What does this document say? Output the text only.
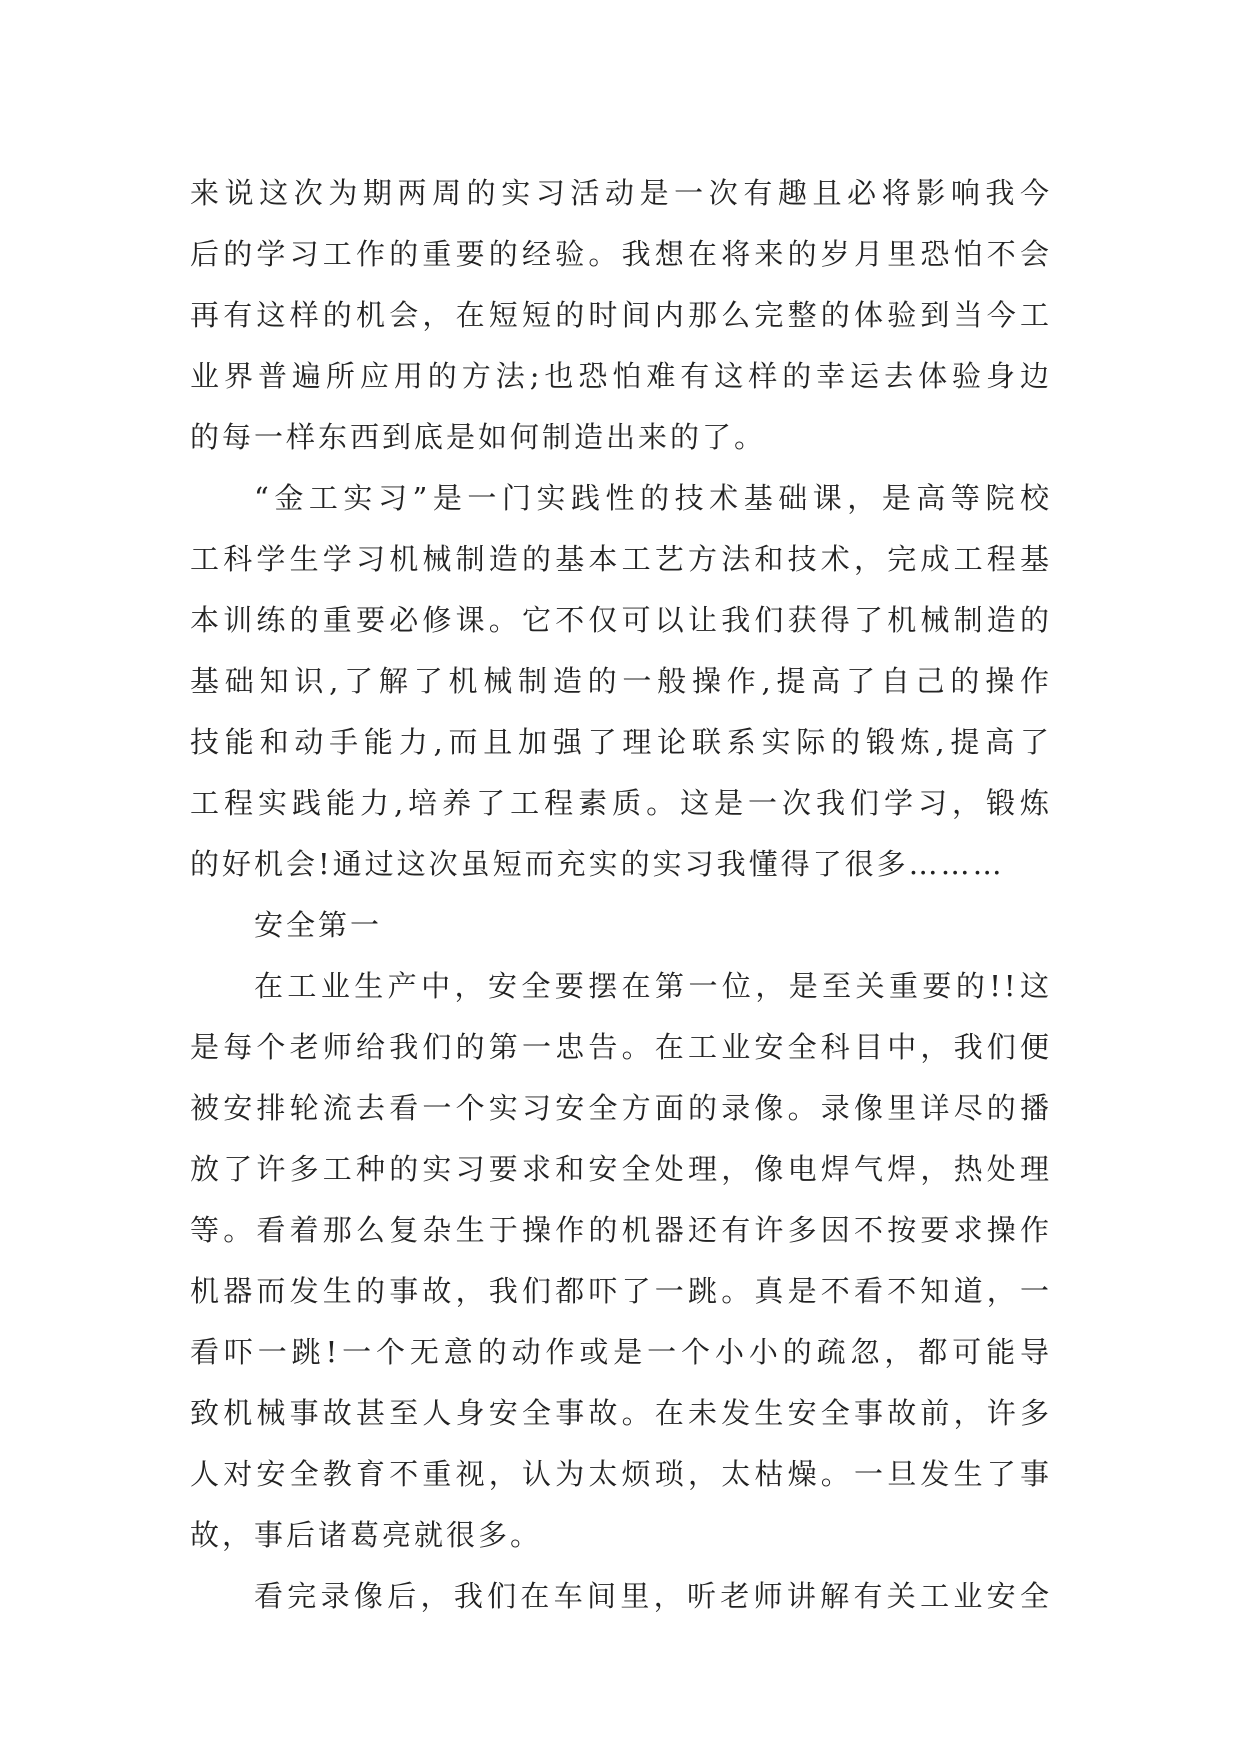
来说这次为期两周的实习活动是一次有趣且必将影响我今
后的学习工作的重要的经验。我想在将来的岁月里恐怕不会
再有这样的机会，在短短的时间内那么完整的体验到当今工
业界普遍所应用的方法;也恐怕难有这样的幸运去体验身边
的每一样东西到底是如何制造出来的了。
“金工实习”是一门实践性的技术基础课，是高等院校
工科学生学习机械制造的基本工艺方法和技术，完成工程基
本训练的重要必修课。它不仅可以让我们获得了机械制造的
基础知识,了解了机械制造的一般操作,提高了自己的操作
技能和动手能力,而且加强了理论联系实际的锻炼,提高了
工程实践能力,培养了工程素质。这是一次我们学习，锻炼
的好机会!通过这次虽短而充实的实习我懂得了很多………
安全第一
在工业生产中，安全要摆在第一位，是至关重要的!!这
是每个老师给我们的第一忠告。在工业安全科目中，我们便
被安排轮流去看一个实习安全方面的录像。录像里详尽的播
放了许多工种的实习要求和安全处理，像电焊气焊，热处理
等。看着那么复杂生于操作的机器还有许多因不按要求操作
机器而发生的事故，我们都吓了一跳。真是不看不知道，一
看吓一跳!一个无意的动作或是一个小小的疏忽，都可能导
致机械事故甚至人身安全事故。在未发生安全事故前，许多
人对安全教育不重视，认为太烦琐，太枯燥。一旦发生了事
故，事后诸葛亮就很多。
看完录像后，我们在车间里，听老师讲解有关工业安全
